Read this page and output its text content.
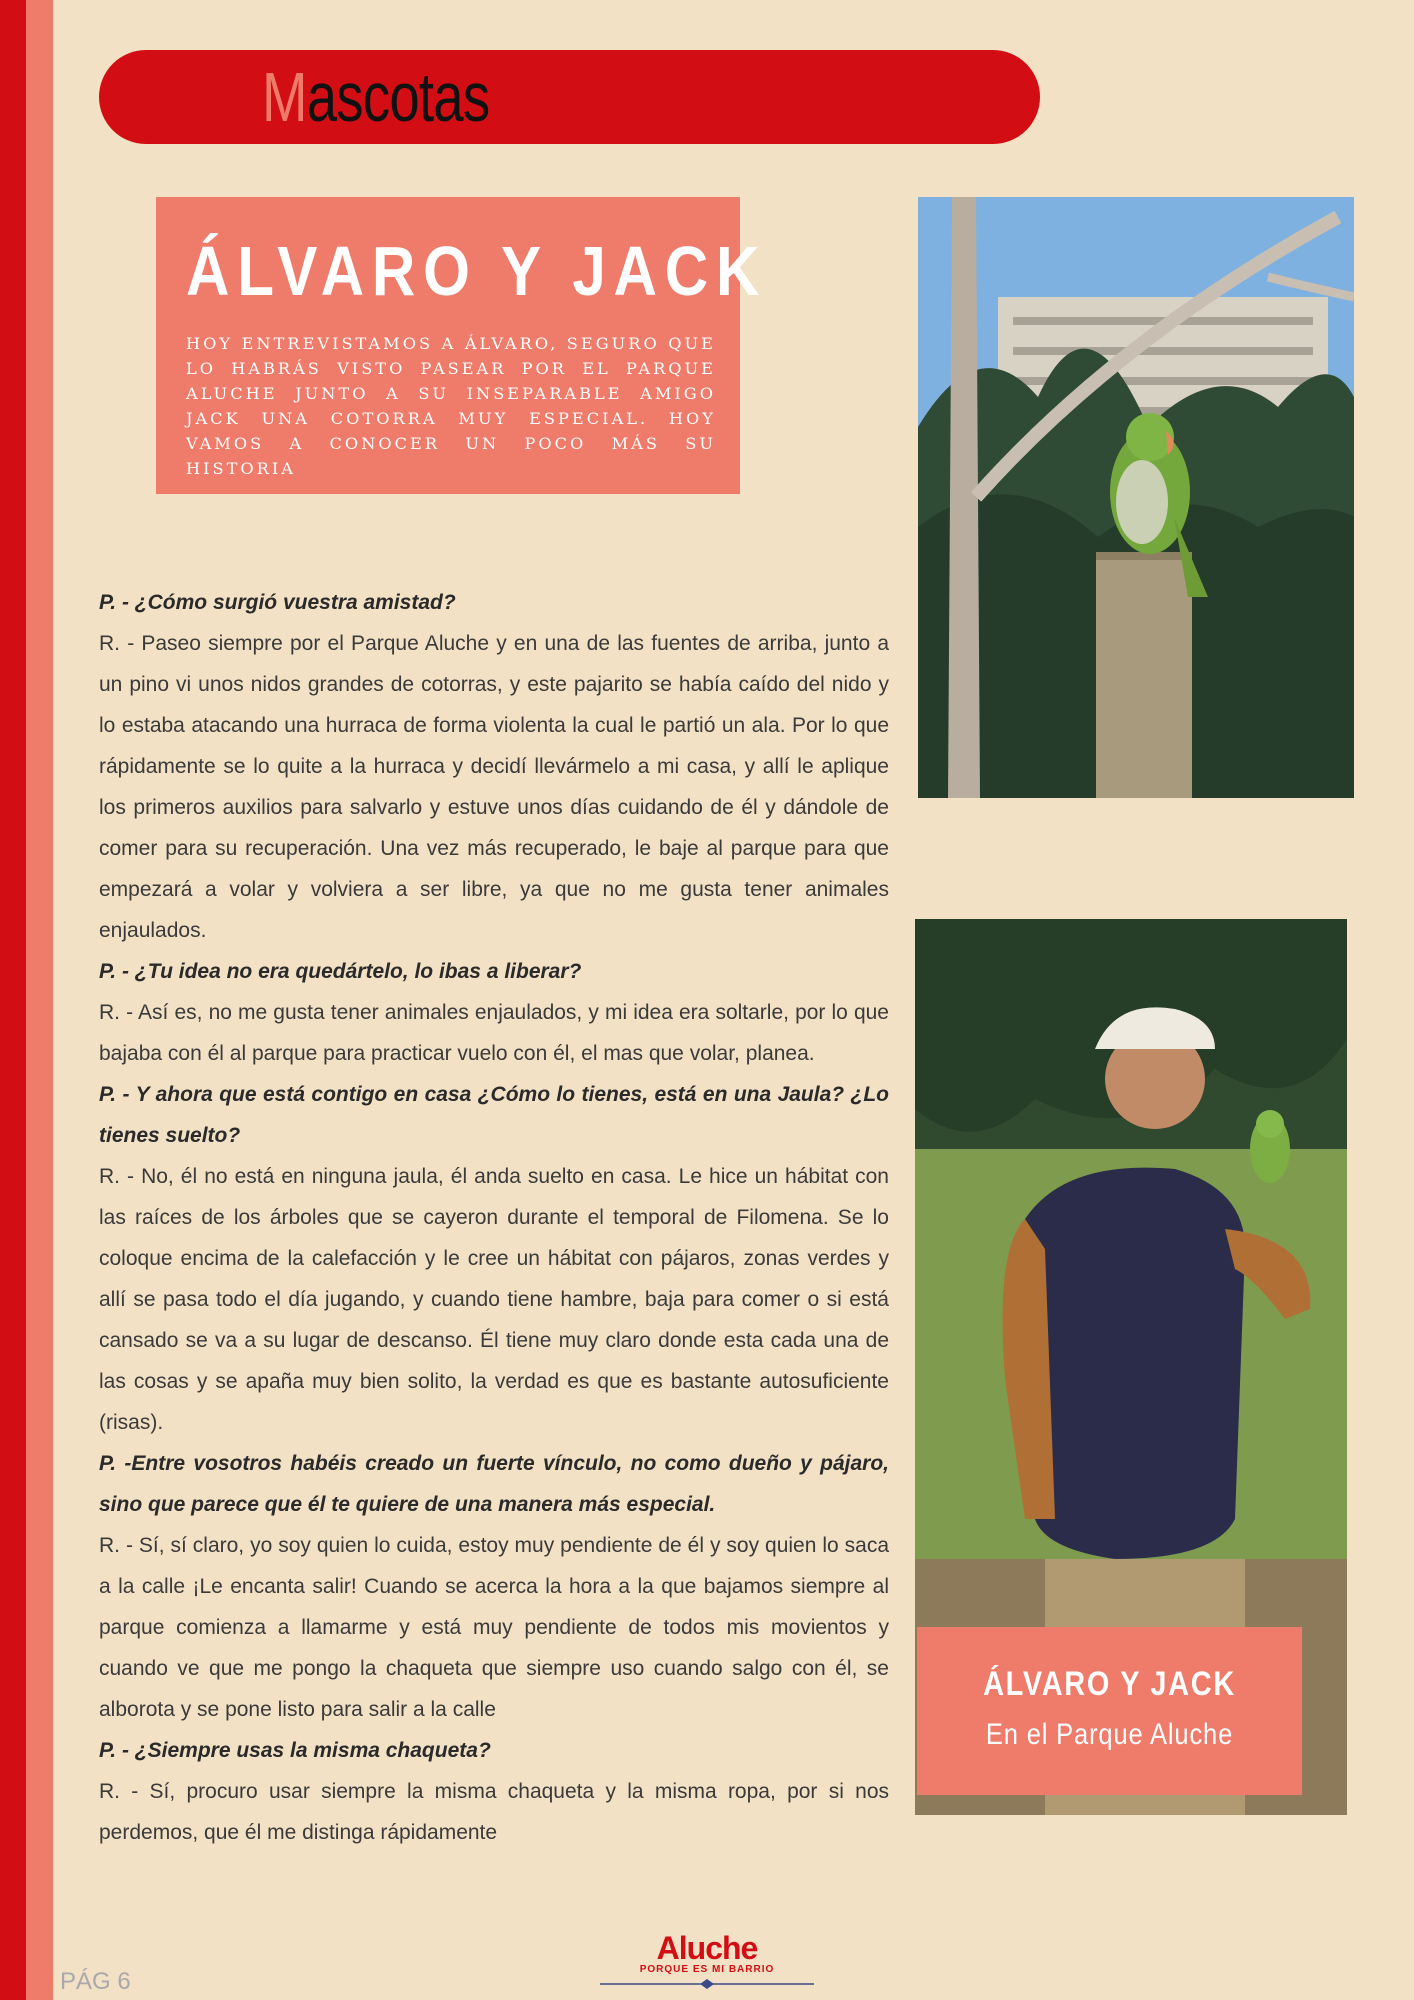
Mascotas
ÁLVARO Y JACK
HOY ENTREVISTAMOS A ÁLVARO, SEGURO QUE LO HABRÁS VISTO PASEAR POR EL PARQUE ALUCHE JUNTO A SU INSEPARABLE AMIGO JACK UNA COTORRA MUY ESPECIAL. HOY VAMOS A CONOCER UN POCO MÁS SU HISTORIA
ÁLVARO Y JACK
En el Parque Aluche

P. - ¿Cómo surgió vuestra amistad?

R. - Paseo siempre por el Parque Aluche y en una de las fuentes de arriba, junto a un pino vi unos nidos grandes de cotorras, y este pajarito se había caído del nido y lo estaba atacando una hurraca de forma violenta la cual le partió un ala. Por lo que rápidamente se lo quite a la hurraca y decidí llevármelo a mi casa, y allí le aplique los primeros auxilios para salvarlo y estuve unos días cuidando de él y dándole de comer para su recuperación. Una vez más recuperado, le baje al parque para que empezará a volar y volviera a ser libre, ya que no me gusta tener animales enjaulados.

P. - ¿Tu idea no era quedártelo, lo ibas a liberar?

R. - Así es, no me gusta tener animales enjaulados, y mi idea era soltarle, por lo que bajaba con él al parque para practicar vuelo con él, el mas que volar, planea.

P. - Y ahora que está contigo en casa ¿Cómo lo tienes, está en una Jaula? ¿Lo tienes suelto?

R. - No, él no está en ninguna jaula, él anda suelto en casa. Le hice un hábitat con las raíces de los árboles que se cayeron durante el temporal de Filomena. Se lo coloque encima de la calefacción y le cree un hábitat con pájaros, zonas verdes y allí se pasa todo el día jugando, y cuando tiene hambre, baja para comer o si está cansado se va a su lugar de descanso. Él tiene muy claro donde esta cada una de las cosas y se apaña muy bien solito, la verdad es que es bastante autosuficiente (risas).

P. -Entre vosotros habéis creado un fuerte vínculo, no como dueño y pájaro, sino que parece que él te quiere de una manera más especial.

R. - Sí, sí claro, yo soy quien lo cuida, estoy muy pendiente de él y soy quien lo saca a la calle ¡Le encanta salir! Cuando se acerca la hora a la que bajamos siempre al parque comienza a llamarme y está muy pendiente de todos mis movientos y cuando ve que me pongo la chaqueta que siempre uso cuando salgo con él, se alborota y se pone listo para salir a la calle

P. - ¿Siempre usas la misma chaqueta?

R. - Sí, procuro usar siempre la misma chaqueta y la misma ropa, por si nos perdemos, que él me distinga rápidamente

PÁG 6
Aluche
PORQUE ES MI BARRIO
